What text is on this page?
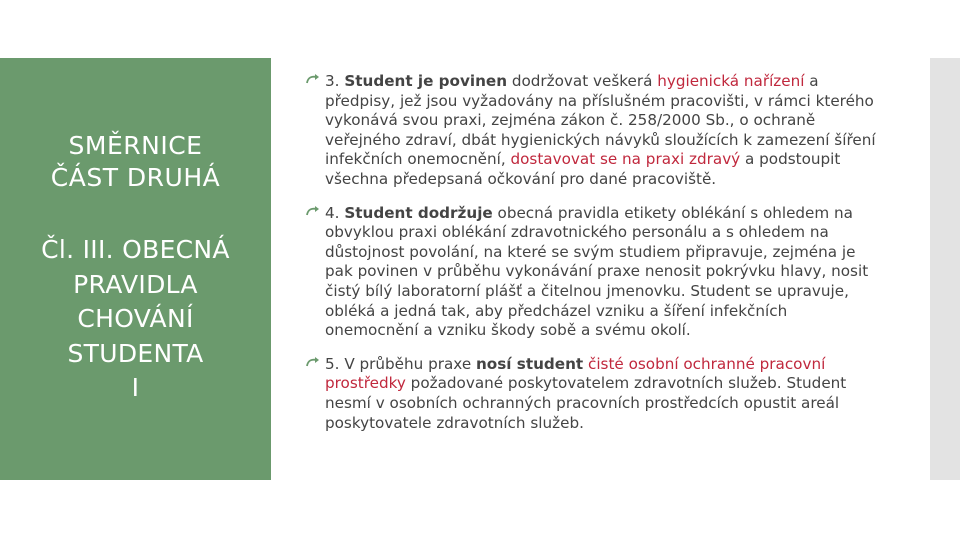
SMĚRNICE ČÁST DRUHÁ
Čl. III. OBECNÁ
PRAVIDLA
CHOVÁNÍ
STUDENTA
I
3. Student je povinen dodržovat veškerá hygienická nařízení a předpisy, jež jsou vyžadovány na příslušném pracovišti, v rámci kterého vykonává svou praxi, zejména zákon č. 258/2000 Sb., o ochraně veřejného zdraví, dbát hygienických návyků sloužících k zamezení šíření infekčních onemocnění, dostavovat se na praxi zdravý a podstoupit všechna předepsaná očkování pro dané pracoviště.
4. Student dodržuje obecná pravidla etikety oblékání s ohledem na obvyklou praxi oblékání zdravotnického personálu a s ohledem na důstojnost povolání, na které se svým studiem připravuje, zejména je pak povinen v průběhu vykonávání praxe nenosit pokrývku hlavy, nosit čistý bílý laboratorní plášť a čitelnou jmenovku. Student se upravuje, obléká a jedná tak, aby předcházel vzniku a šíření infekčních onemocnění a vzniku škody sobě a svému okolí.
5. V průběhu praxe nosí student čisté osobní ochranné pracovní prostředky požadované poskytovatelem zdravotních služeb. Student nesmí v osobních ochranných pracovních prostředcích opustit areál poskytovatele zdravotních služeb.
